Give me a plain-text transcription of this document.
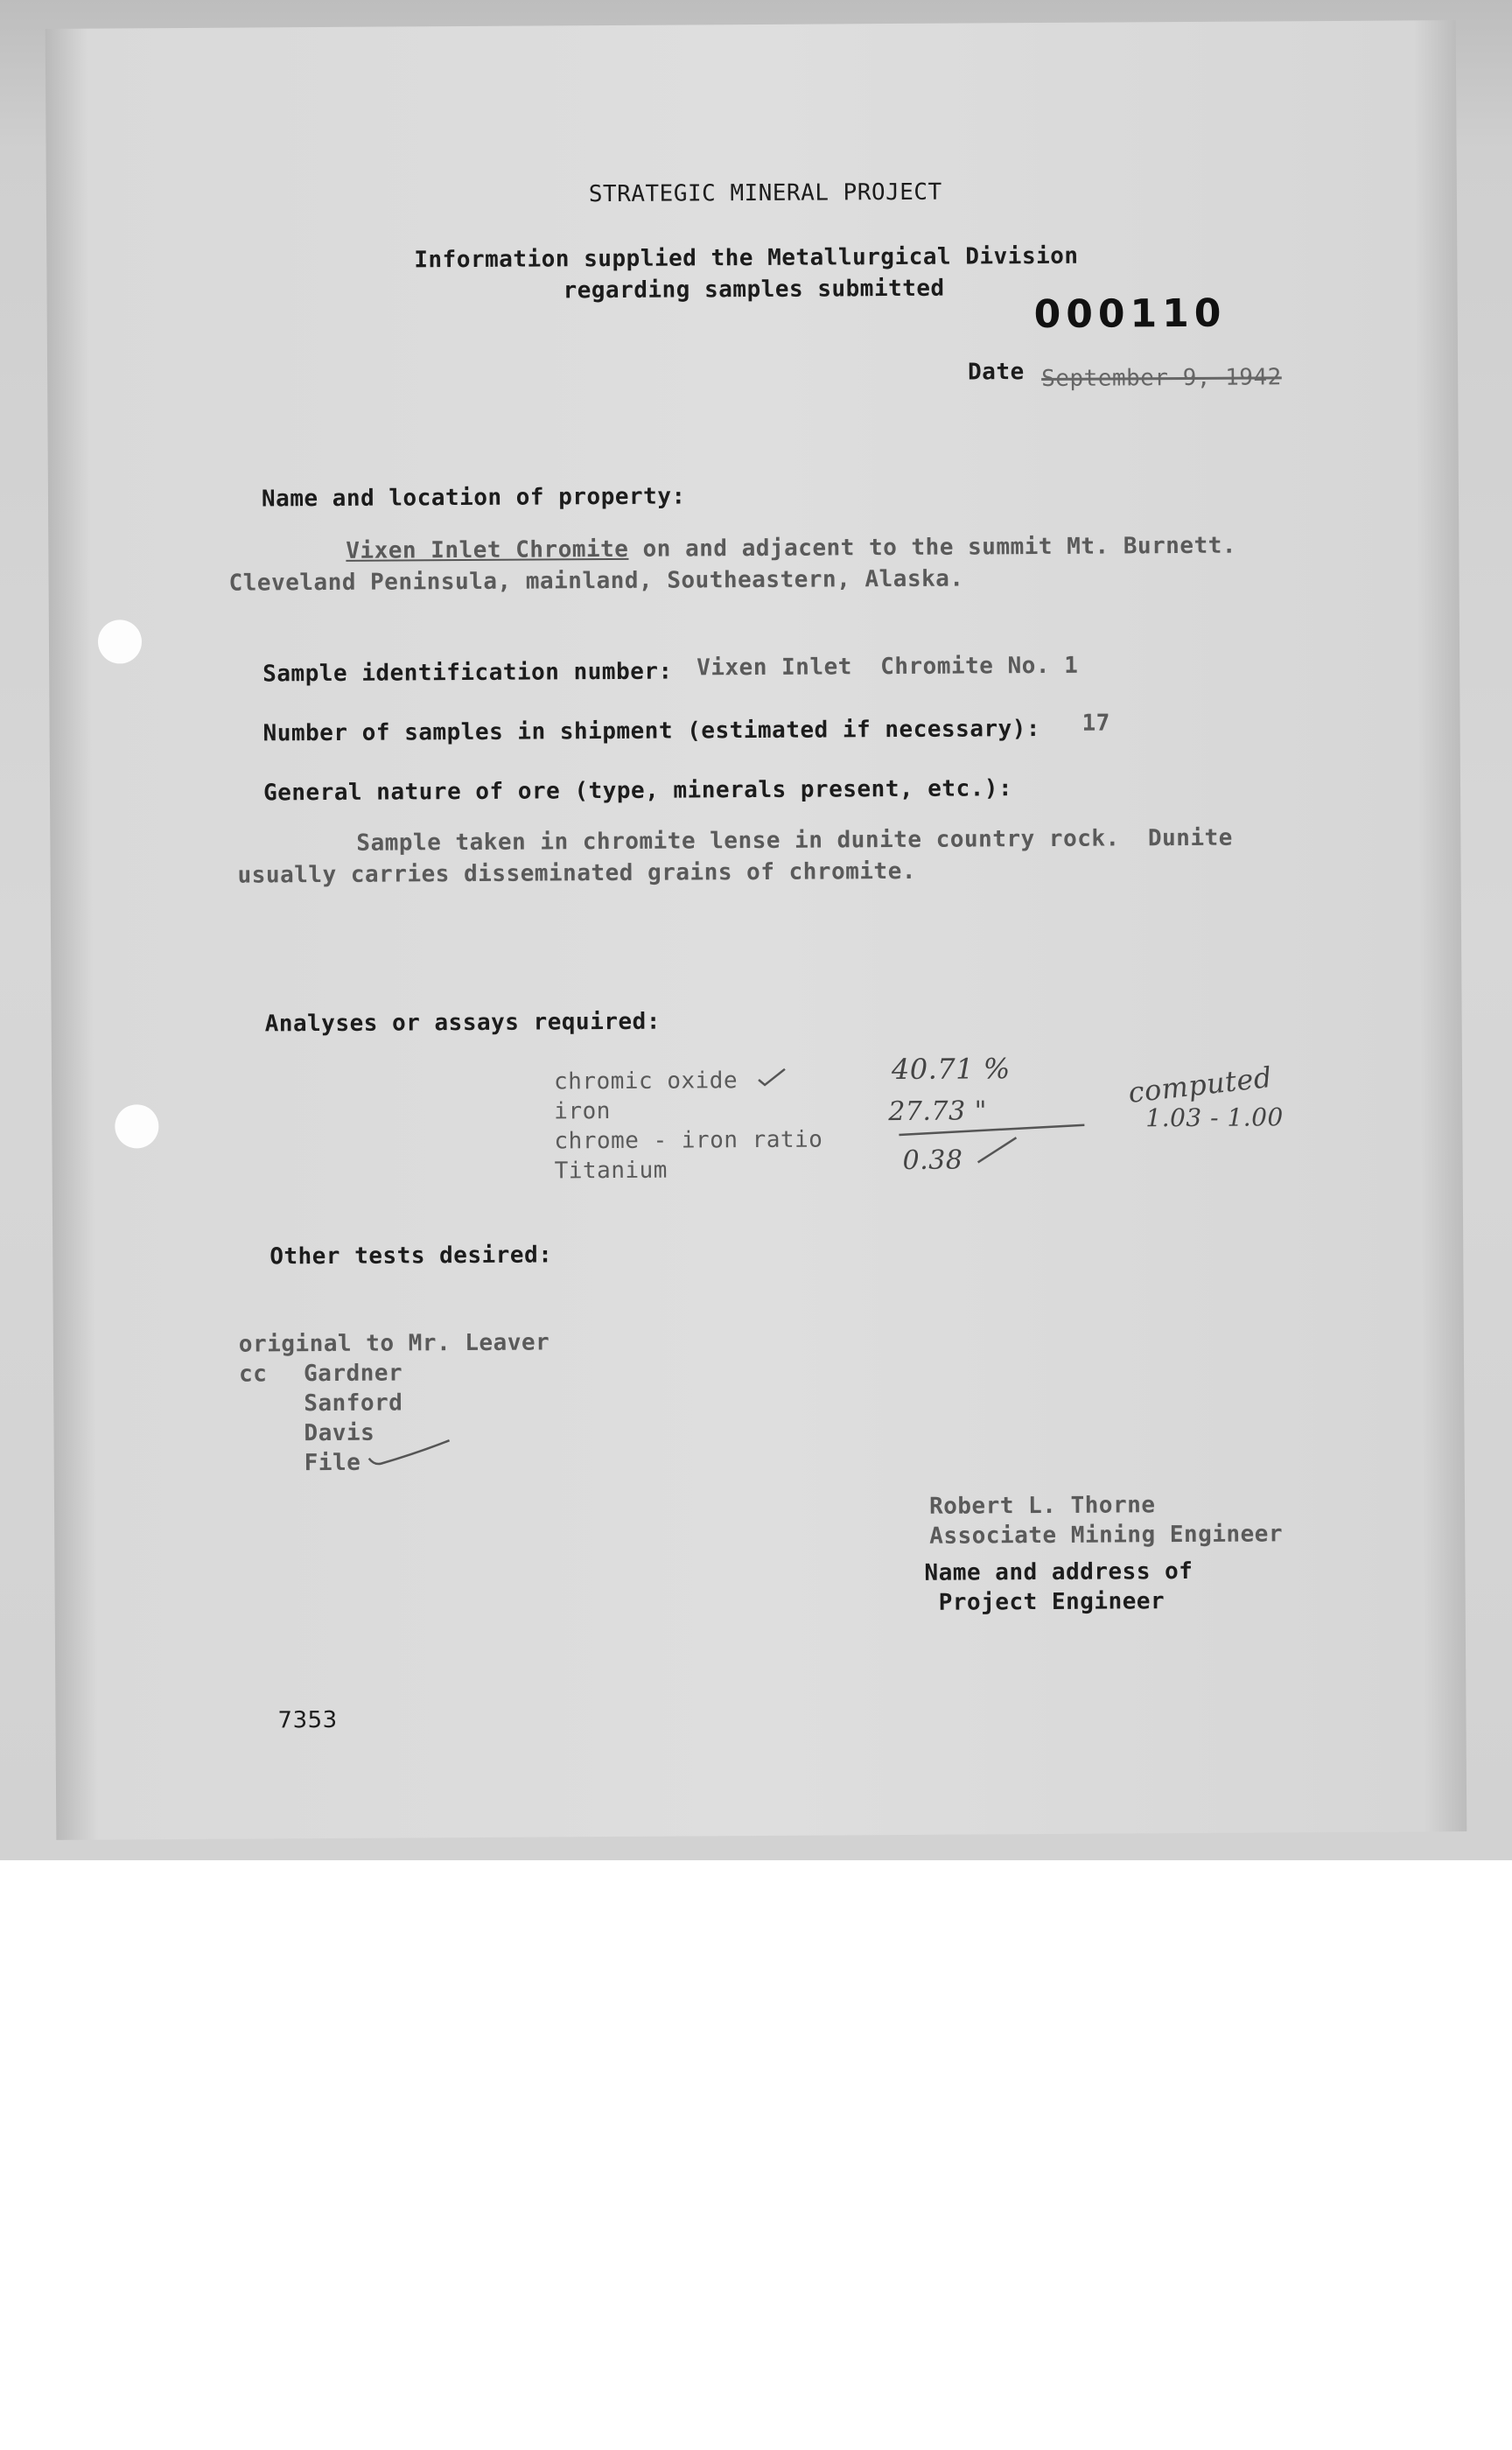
STRATEGIC MINERAL PROJECT
Information supplied the Metallurgical Division
regarding samples submitted
000110
Date September 9, 1942
Name and location of property:
Vixen Inlet Chromite on and adjacent to the summit Mt. Burnett.
Cleveland Peninsula, mainland, Southeastern, Alaska.
Sample identification number: Vixen Inlet  Chromite No. 1
Number of samples in shipment (estimated if necessary): 17
General nature of ore (type, minerals present, etc.):
Sample taken in chromite lense in dunite country rock.  Dunite
usually carries disseminated grains of chromite.
Analyses or assays required:
chromic oxide
iron
chrome - iron ratio
Titanium
40.71 %
27.73 "
0.38
computed
1.03 - 1.00
Other tests desired:
original to Mr. Leaver
cc Gardner
Sanford
Davis
File
Robert L. Thorne
Associate Mining Engineer
Name and address of
Project Engineer
7353
